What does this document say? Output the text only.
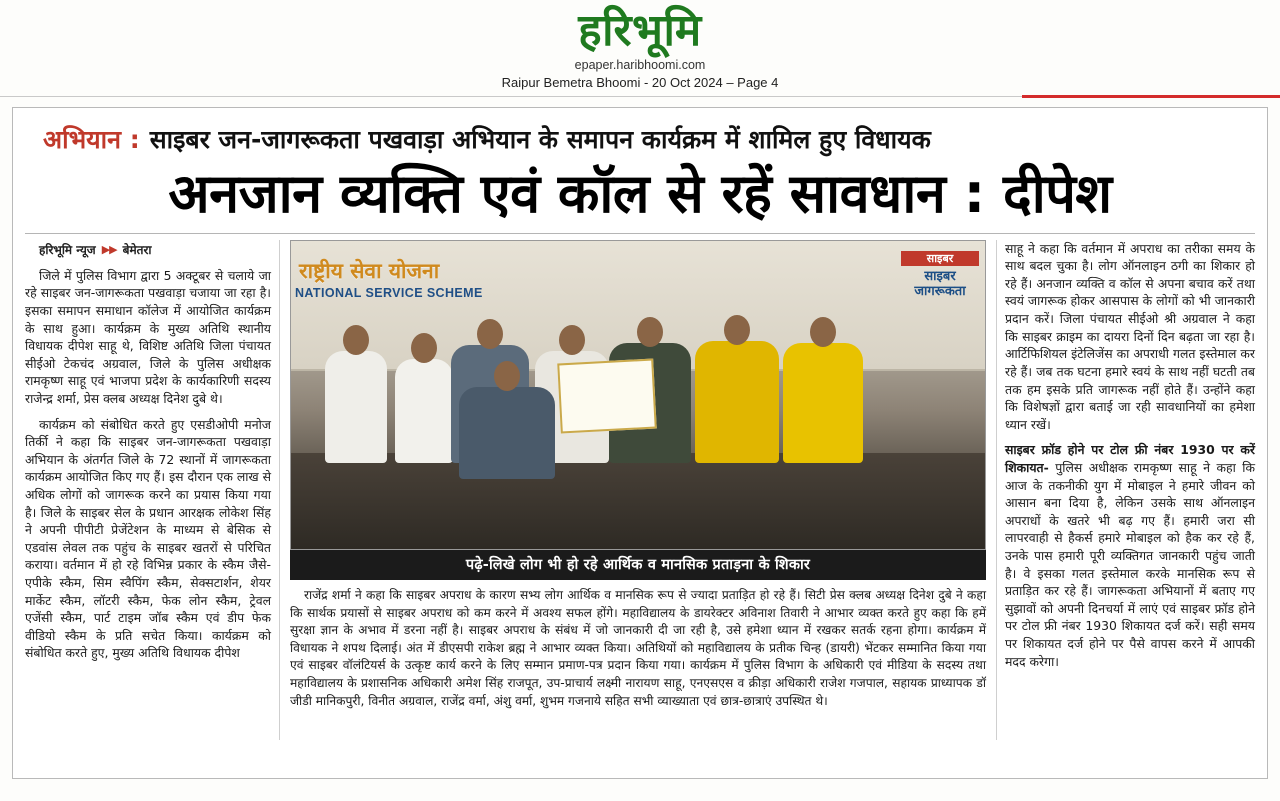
हरिभूमि
epaper.haribhoomi.com
Raipur Bemetra Bhoomi - 20 Oct 2024 – Page 4
अभियान : साइबर जन-जागरूकता पखवाड़ा अभियान के समापन कार्यक्रम में शामिल हुए विधायक
अनजान व्यक्ति एवं कॉल से रहें सावधान : दीपेश
हरिभूमि न्यूज ▶▶ बेमेतरा

जिले में पुलिस विभाग द्वारा 5 अक्टूबर से चलाये जा रहे साइबर जन-जागरूकता पखवाड़ा चजाया जा रहा है। इसका समापन समाधान कॉलेज में आयोजित कार्यक्रम के साथ हुआ। कार्यक्रम के मुख्य अतिथि स्थानीय विधायक दीपेश साहू थे, विशिष्ट अतिथि जिला पंचायत सीईओ टेकचंद अग्रवाल, जिले के पुलिस अधीक्षक रामकृष्ण साहू एवं भाजपा प्रदेश के कार्यकारिणी सदस्य राजेन्द्र शर्मा, प्रेस क्लब अध्यक्ष दिनेश दुबे थे।

कार्यक्रम को संबोधित करते हुए एसडीओपी मनोज तिर्की ने कहा कि साइबर जन-जागरूकता पखवाड़ा अभियान के अंतर्गत जिले के 72 स्थानों में जागरूकता कार्यक्रम आयोजित किए गए हैं। इस दौरान एक लाख से अधिक लोगों को जागरूक करने का प्रयास किया गया है। जिले के साइबर सेल के प्रधान आरक्षक लोकेश सिंह ने अपनी पीपीटी प्रेजेंटेशन के माध्यम से बेसिक से एडवांस लेवल तक पहुंच के साइबर खतरों से परिचित कराया। वर्तमान में हो रहे विभिन्न प्रकार के स्कैम जैसे- एपीके स्कैम, सिम स्वैपिंग स्कैम, सेक्सटार्शन, शेयर मार्केट स्कैम, लॉटरी स्कैम, फेक लोन स्कैम, ट्रेवल एजेंसी स्कैम, पार्ट टाइम जॉब स्कैम एवं डीप फेक वीडियो स्कैम के प्रति सचेत किया। कार्यक्रम को संबोधित करते हुए, मुख्य अतिथि विधायक दीपेश

राष्ट्रीय सेवा योजना
NATIONAL SERVICE SCHEME
साइबर
साइबर जागरूकता
पढ़े-लिखे लोग भी हो रहे आर्थिक व मानसिक प्रताड़ना के शिकार

राजेंद्र शर्मा ने कहा कि साइबर अपराध के कारण सभ्य लोग आर्थिक व मानसिक रूप से ज्यादा प्रताड़ित हो रहे हैं। सिटी प्रेस क्लब अध्यक्ष दिनेश दुबे ने कहा कि सार्थक प्रयासों से साइबर अपराध को कम करने में अवश्य सफल होंगे। महाविद्यालय के डायरेक्टर अविनाश तिवारी ने आभार व्यक्त करते हुए कहा कि हमें सुरक्षा ज्ञान के अभाव में डरना नहीं है। साइबर अपराध के संबंध में जो जानकारी दी जा रही है, उसे हमेशा ध्यान में रखकर सतर्क रहना होगा। कार्यक्रम में विधायक ने शपथ दिलाई। अंत में डीएसपी राकेश ब्रह्म ने आभार व्यक्त किया। अतिथियों को महाविद्यालय के प्रतीक चिन्ह (डायरी) भेंटकर सम्मानित किया गया एवं साइबर वॉलंटियर्स के उत्कृष्ट कार्य करने के लिए सम्मान प्रमाण-पत्र प्रदान किया गया। कार्यक्रम में पुलिस विभाग के अधिकारी एवं मीडिया के सदस्य तथा महाविद्यालय के प्रशासनिक अधिकारी अमेश सिंह राजपूत, उप-प्राचार्य लक्ष्मी नारायण साहू, एनएसएस व क्रीड़ा अधिकारी राजेश गजपाल, सहायक प्राध्यापक डॉ जीडी मानिकपुरी, विनीत अग्रवाल, राजेंद्र वर्मा, अंशु वर्मा, शुभम गजनाये सहित सभी व्याख्याता एवं छात्र-छात्राएं उपस्थित थे।

साहू ने कहा कि वर्तमान में अपराध का तरीका समय के साथ बदल चुका है। लोग ऑनलाइन ठगी का शिकार हो रहे हैं। अनजान व्यक्ति व कॉल से अपना बचाव करें तथा स्वयं जागरूक होकर आसपास के लोगों को भी जानकारी प्रदान करें। जिला पंचायत सीईओ श्री अग्रवाल ने कहा कि साइबर क्राइम का दायरा दिनों दिन बढ़ता जा रहा है। आर्टिफिशियल इंटेलिजेंस का अपराधी गलत इस्तेमाल कर रहे हैं। जब तक घटना हमारे स्वयं के साथ नहीं घटती तब तक हम इसके प्रति जागरूक नहीं होते हैं। उन्होंने कहा कि विशेषज्ञों द्वारा बताई जा रही सावधानियों का हमेशा ध्यान रखें।

साइबर फ्रॉड होने पर टोल फ्री नंबर 1930 पर करें शिकायत- पुलिस अधीक्षक रामकृष्ण साहू ने कहा कि आज के तकनीकी युग में मोबाइल ने हमारे जीवन को आसान बना दिया है, लेकिन उसके साथ ऑनलाइन अपराधों के खतरे भी बढ़ गए हैं। हमारी जरा सी लापरवाही से हैकर्स हमारे मोबाइल को हैक कर रहे हैं, उनके पास हमारी पूरी व्यक्तिगत जानकारी पहुंच जाती है। वे इसका गलत इस्तेमाल करके मानसिक रूप से प्रताड़ित कर रहे हैं। जागरूकता अभियानों में बताए गए सुझावों को अपनी दिनचर्या में लाएं एवं साइबर फ्रॉड होने पर टोल फ्री नंबर 1930 शिकायत दर्ज करें। सही समय पर शिकायत दर्ज होने पर पैसे वापस करने में आपकी मदद करेगा।
